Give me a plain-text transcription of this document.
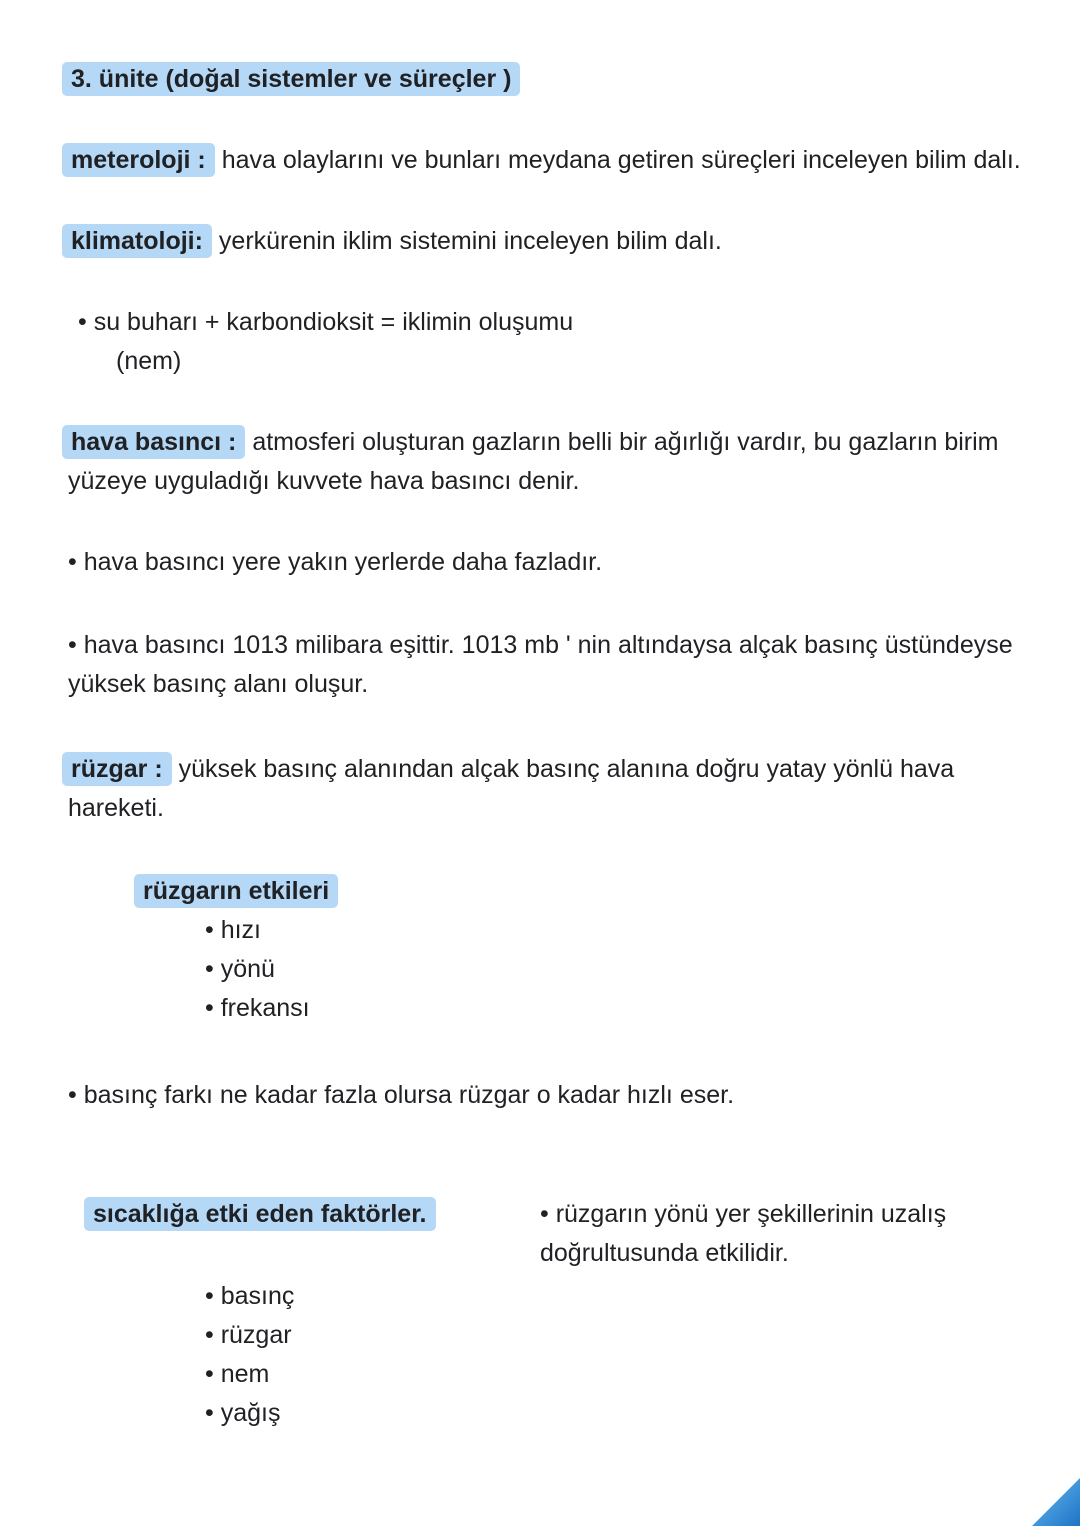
3. ünite (doğal sistemler ve süreçler )

meteroloji : hava olaylarını ve bunları meydana getiren süreçleri inceleyen bilim dalı.

klimatoloji: yerkürenin iklim sistemini inceleyen bilim dalı.

• su buharı + karbondioksit = iklimin oluşumu
(nem)

hava basıncı : atmosferi oluşturan gazların belli bir ağırlığı vardır, bu gazların birim yüzeye uyguladığı kuvvete hava basıncı denir.

• hava basıncı yere yakın yerlerde daha fazladır.

• hava basıncı 1013 milibara eşittir. 1013 mb ' nin altındaysa alçak basınç üstündeyse yüksek basınç alanı oluşur.

rüzgar : yüksek basınç alanından alçak basınç alanına doğru yatay yönlü hava hareketi.

rüzgarın etkileri
• hızı
• yönü
• frekansı

• basınç farkı ne kadar fazla olursa rüzgar o kadar hızlı eser.

sıcaklığa etki eden faktörler.	• rüzgarın yönü yer şekillerinin uzalış doğrultusunda etkilidir.
• basınç
• rüzgar
• nem
• yağış
